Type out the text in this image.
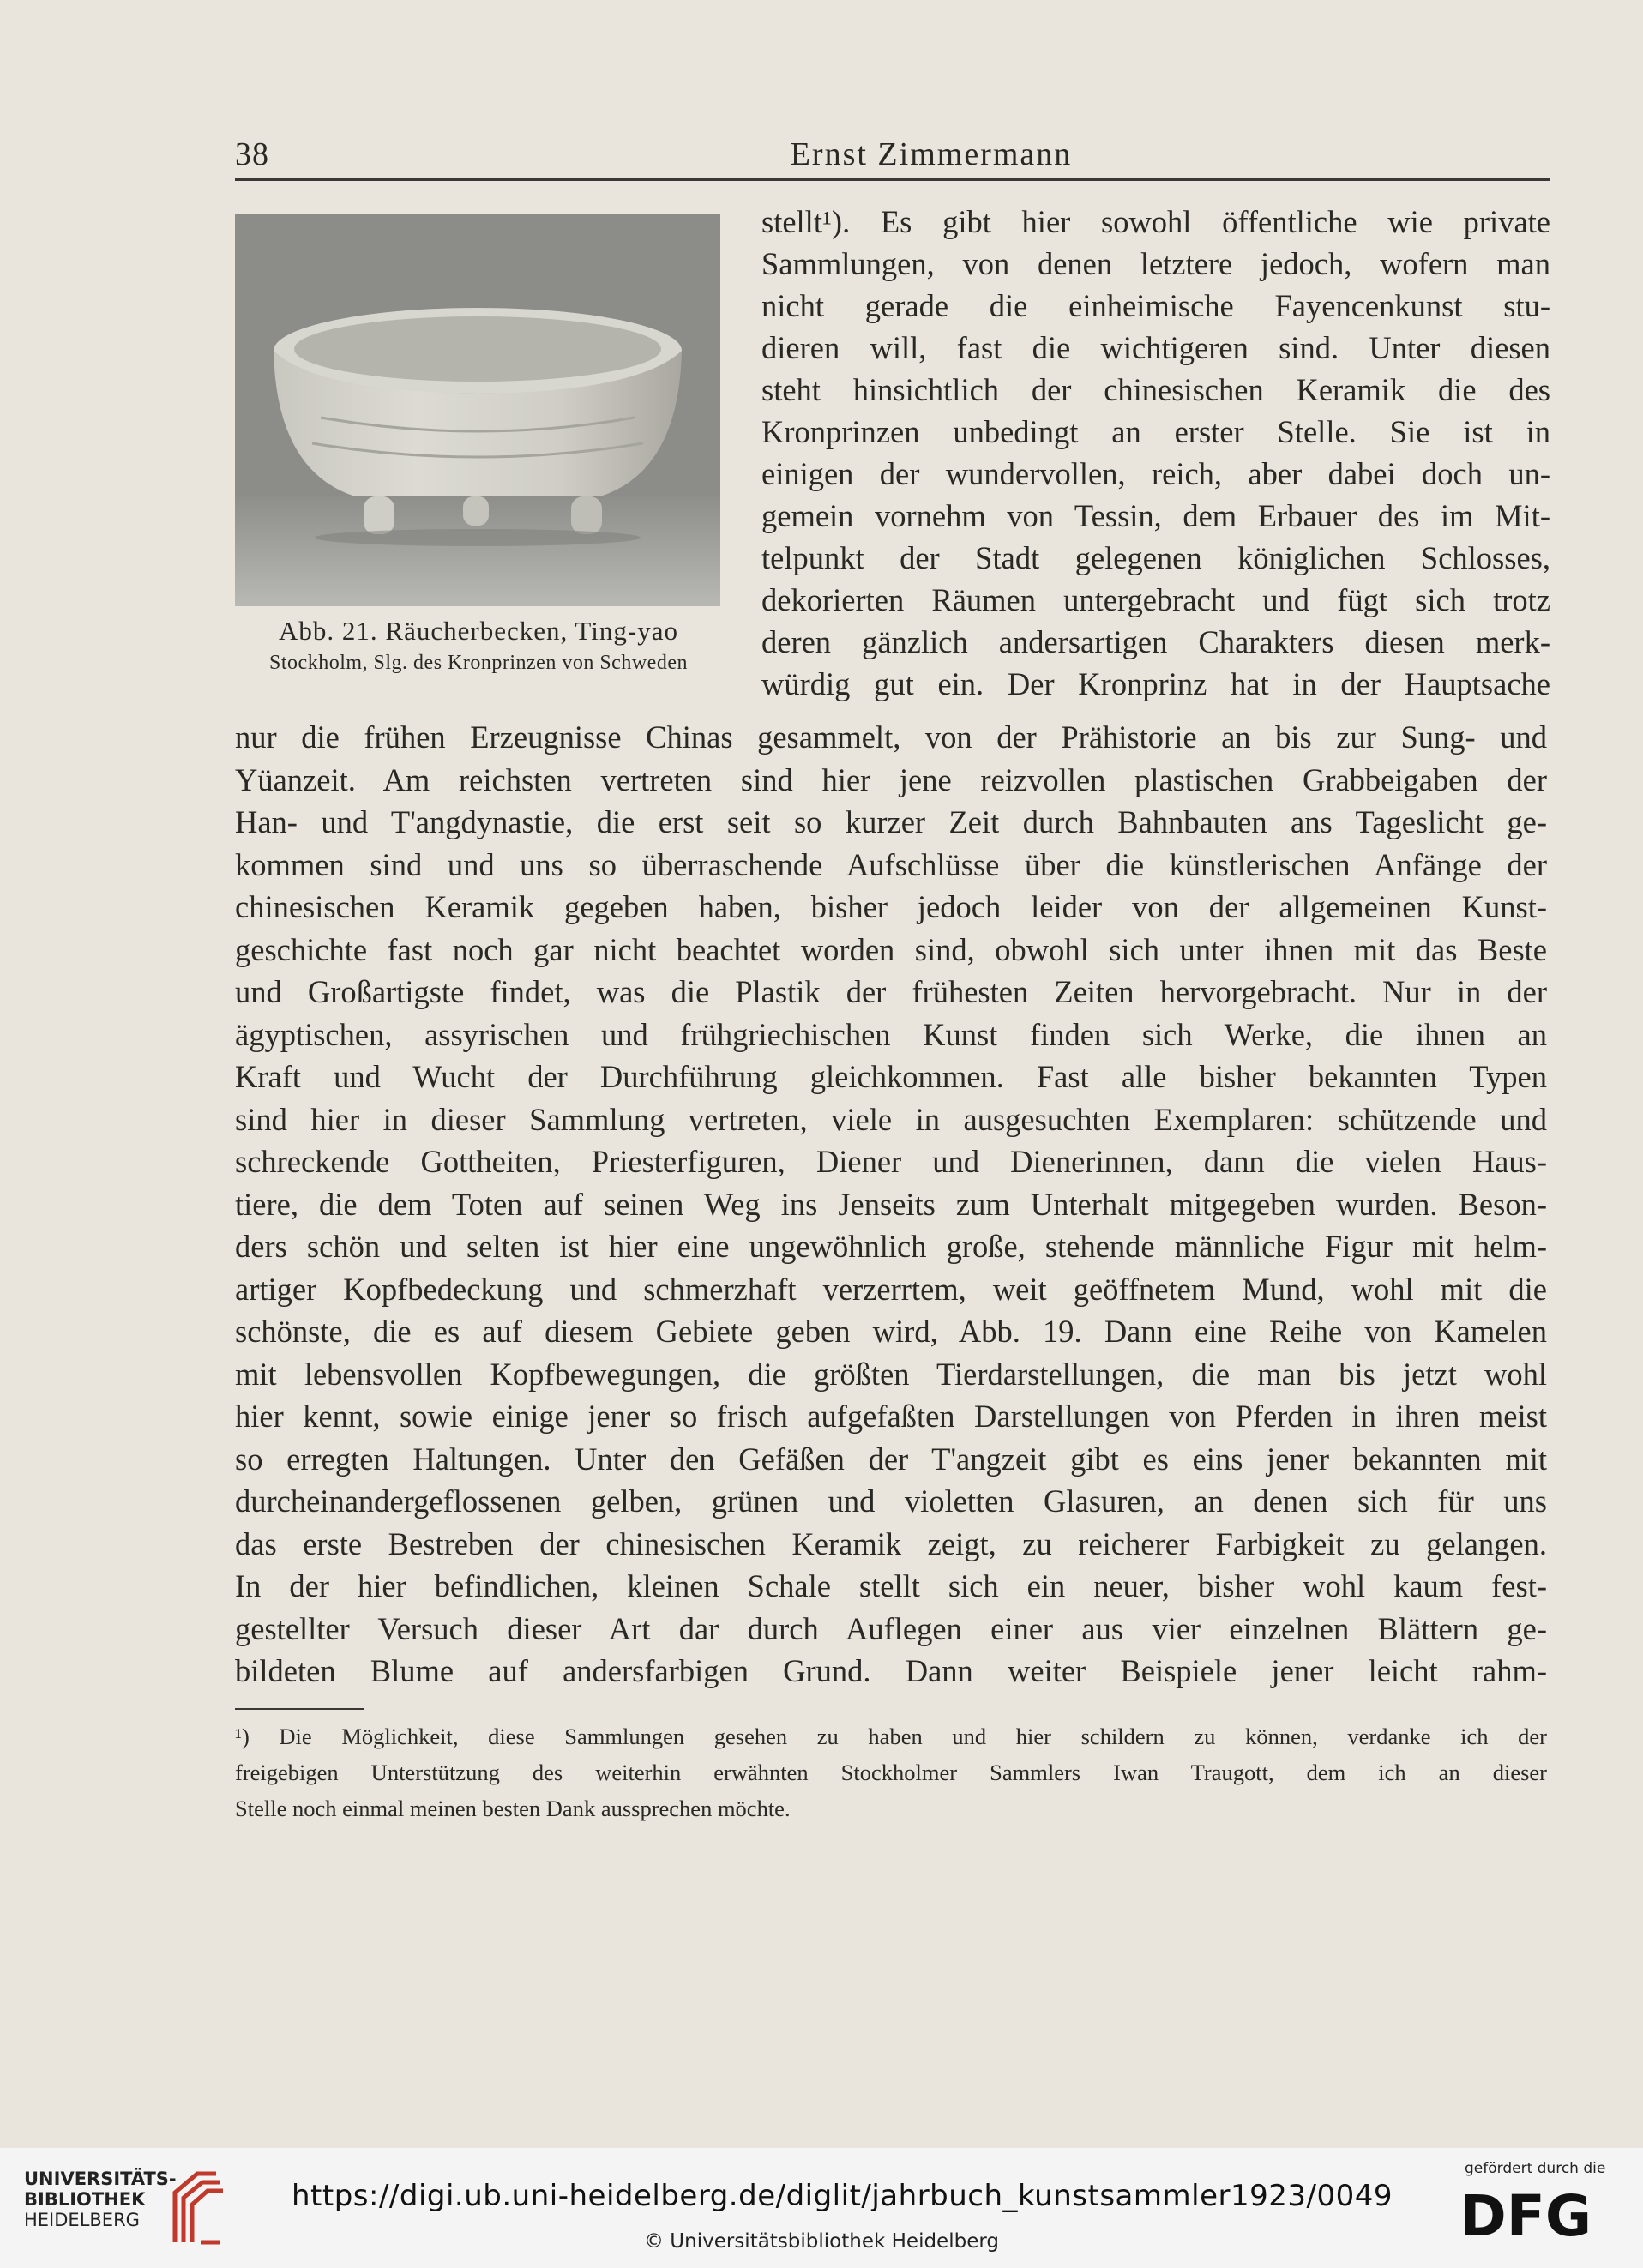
38	Ernst Zimmermann
Abb. 21. Räucherbecken, Ting-yao
Stockholm, Slg. des Kronprinzen von Schweden
stellt¹). Es gibt hier sowohl öffentliche wie private
Sammlungen, von denen letztere jedoch, wofern man
nicht gerade die einheimische Fayencenkunst stu-
dieren will, fast die wichtigeren sind. Unter diesen
steht hinsichtlich der chinesischen Keramik die des
Kronprinzen unbedingt an erster Stelle. Sie ist in
einigen der wundervollen, reich, aber dabei doch un-
gemein vornehm von Tessin, dem Erbauer des im Mit-
telpunkt der Stadt gelegenen königlichen Schlosses,
dekorierten Räumen untergebracht und fügt sich trotz
deren gänzlich andersartigen Charakters diesen merk-
würdig gut ein. Der Kronprinz hat in der Hauptsache
nur die frühen Erzeugnisse Chinas gesammelt, von der Prähistorie an bis zur Sung- und
Yüanzeit. Am reichsten vertreten sind hier jene reizvollen plastischen Grabbeigaben der
Han- und T'angdynastie, die erst seit so kurzer Zeit durch Bahnbauten ans Tageslicht ge-
kommen sind und uns so überraschende Aufschlüsse über die künstlerischen Anfänge der
chinesischen Keramik gegeben haben, bisher jedoch leider von der allgemeinen Kunst-
geschichte fast noch gar nicht beachtet worden sind, obwohl sich unter ihnen mit das Beste
und Großartigste findet, was die Plastik der frühesten Zeiten hervorgebracht. Nur in der
ägyptischen, assyrischen und frühgriechischen Kunst finden sich Werke, die ihnen an
Kraft und Wucht der Durchführung gleichkommen. Fast alle bisher bekannten Typen
sind hier in dieser Sammlung vertreten, viele in ausgesuchten Exemplaren: schützende und
schreckende Gottheiten, Priesterfiguren, Diener und Dienerinnen, dann die vielen Haus-
tiere, die dem Toten auf seinen Weg ins Jenseits zum Unterhalt mitgegeben wurden. Beson-
ders schön und selten ist hier eine ungewöhnlich große, stehende männliche Figur mit helm-
artiger Kopfbedeckung und schmerzhaft verzerrtem, weit geöffnetem Mund, wohl mit die
schönste, die es auf diesem Gebiete geben wird, Abb. 19. Dann eine Reihe von Kamelen
mit lebensvollen Kopfbewegungen, die größten Tierdarstellungen, die man bis jetzt wohl
hier kennt, sowie einige jener so frisch aufgefaßten Darstellungen von Pferden in ihren meist
so erregten Haltungen. Unter den Gefäßen der T'angzeit gibt es eins jener bekannten mit
durcheinandergeflossenen gelben, grünen und violetten Glasuren, an denen sich für uns
das erste Bestreben der chinesischen Keramik zeigt, zu reicherer Farbigkeit zu gelangen.
In der hier befindlichen, kleinen Schale stellt sich ein neuer, bisher wohl kaum fest-
gestellter Versuch dieser Art dar durch Auflegen einer aus vier einzelnen Blättern ge-
bildeten Blume auf andersfarbigen Grund. Dann weiter Beispiele jener leicht rahm-
¹) Die Möglichkeit, diese Sammlungen gesehen zu haben und hier schildern zu können, verdanke ich der
freigebigen Unterstützung des weiterhin erwähnten Stockholmer Sammlers Iwan Traugott, dem ich an dieser
Stelle noch einmal meinen besten Dank aussprechen möchte.
UNIVERSITÄTS-
BIBLIOTHEK
HEIDELBERG
https://digi.ub.uni-heidelberg.de/diglit/jahrbuch_kunstsammler1923/0049
© Universitätsbibliothek Heidelberg
gefördert durch die
DFG
